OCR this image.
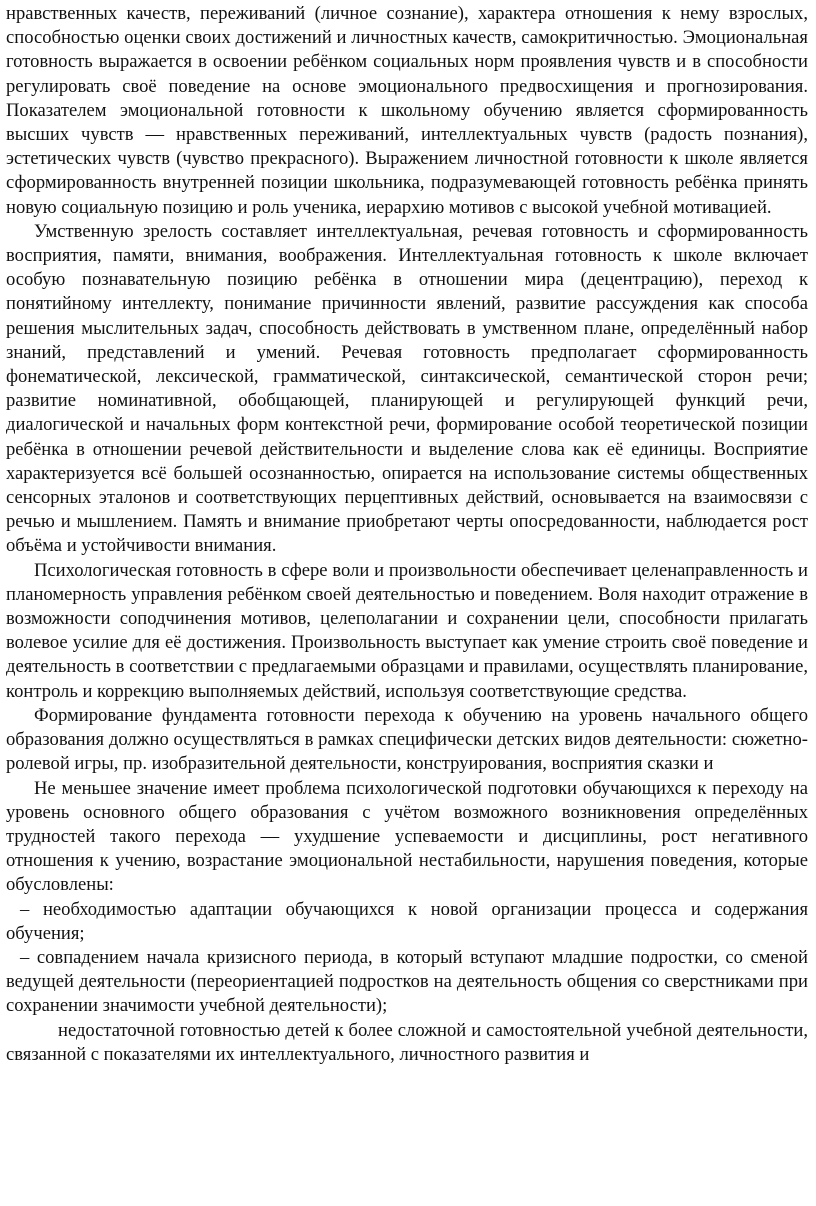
нравственных качеств, переживаний (личное сознание), характера отношения к нему взрослых, способностью оценки своих достижений и личностных качеств, самокритичностью. Эмоциональная готовность выражается в освоении ребёнком социальных норм проявления чувств и в способности регулировать своё поведение на основе эмоционального предвосхищения и прогнозирования. Показателем эмоциональной готовности к школьному обучению является сформированность высших чувств — нравственных переживаний, интеллектуальных чувств (радость познания), эстетических чувств (чувство прекрасного). Выражением личностной готовности к школе является сформированность внутренней позиции школьника, подразумевающей готовность ребёнка принять новую социальную позицию и роль ученика, иерархию мотивов с высокой учебной мотивацией.

Умственную зрелость составляет интеллектуальная, речевая готовность и сформированность восприятия, памяти, внимания, воображения. Интеллектуальная готовность к школе включает особую познавательную позицию ребёнка в отношении мира (децентрацию), переход к понятийному интеллекту, понимание причинности явлений, развитие рассуждения как способа решения мыслительных задач, способность действовать в умственном плане, определённый набор знаний, представлений и умений. Речевая готовность предполагает сформированность фонематической, лексической, грамматической, синтаксической, семантической сторон речи; развитие номинативной, обобщающей, планирующей и регулирующей функций речи, диалогической и начальных форм контекстной речи, формирование особой теоретической позиции ребёнка в отношении речевой действительности и выделение слова как её единицы. Восприятие характеризуется всё большей осознанностью, опирается на использование системы общественных сенсорных эталонов и соответствующих перцептивных действий, основывается на взаимосвязи с речью и мышлением. Память и внимание приобретают черты опосредованности, наблюдается рост объёма и устойчивости внимания.

Психологическая готовность в сфере воли и произвольности обеспечивает целенаправленность и планомерность управления ребёнком своей деятельностью и поведением. Воля находит отражение в возможности соподчинения мотивов, целеполагании и сохранении цели, способности прилагать волевое усилие для её достижения. Произвольность выступает как умение строить своё поведение и деятельность в соответствии с предлагаемыми образцами и правилами, осуществлять планирование, контроль и коррекцию выполняемых действий, используя соответствующие средства.

Формирование фундамента готовности перехода к обучению на уровень начального общего образования должно осуществляться в рамках специфически детских видов деятельности: сюжетно-ролевой игры, пр. изобразительной деятельности, конструирования, восприятия сказки и

Не меньшее значение имеет проблема психологической подготовки обучающихся к переходу на уровень основного общего образования с учётом возможного возникновения определённых трудностей такого перехода — ухудшение успеваемости и дисциплины, рост негативного отношения к учению, возрастание эмоциональной нестабильности, нарушения поведения, которые обусловлены:

– необходимостью адаптации обучающихся к новой организации процесса и содержания обучения;

– совпадением начала кризисного периода, в который вступают младшие подростки, со сменой ведущей деятельности (переориентацией подростков на деятельность общения со сверстниками при сохранении значимости учебной деятельности);

недостаточной готовностью детей к более сложной и самостоятельной учебной деятельности, связанной с показателями их интеллектуального, личностного развития и
